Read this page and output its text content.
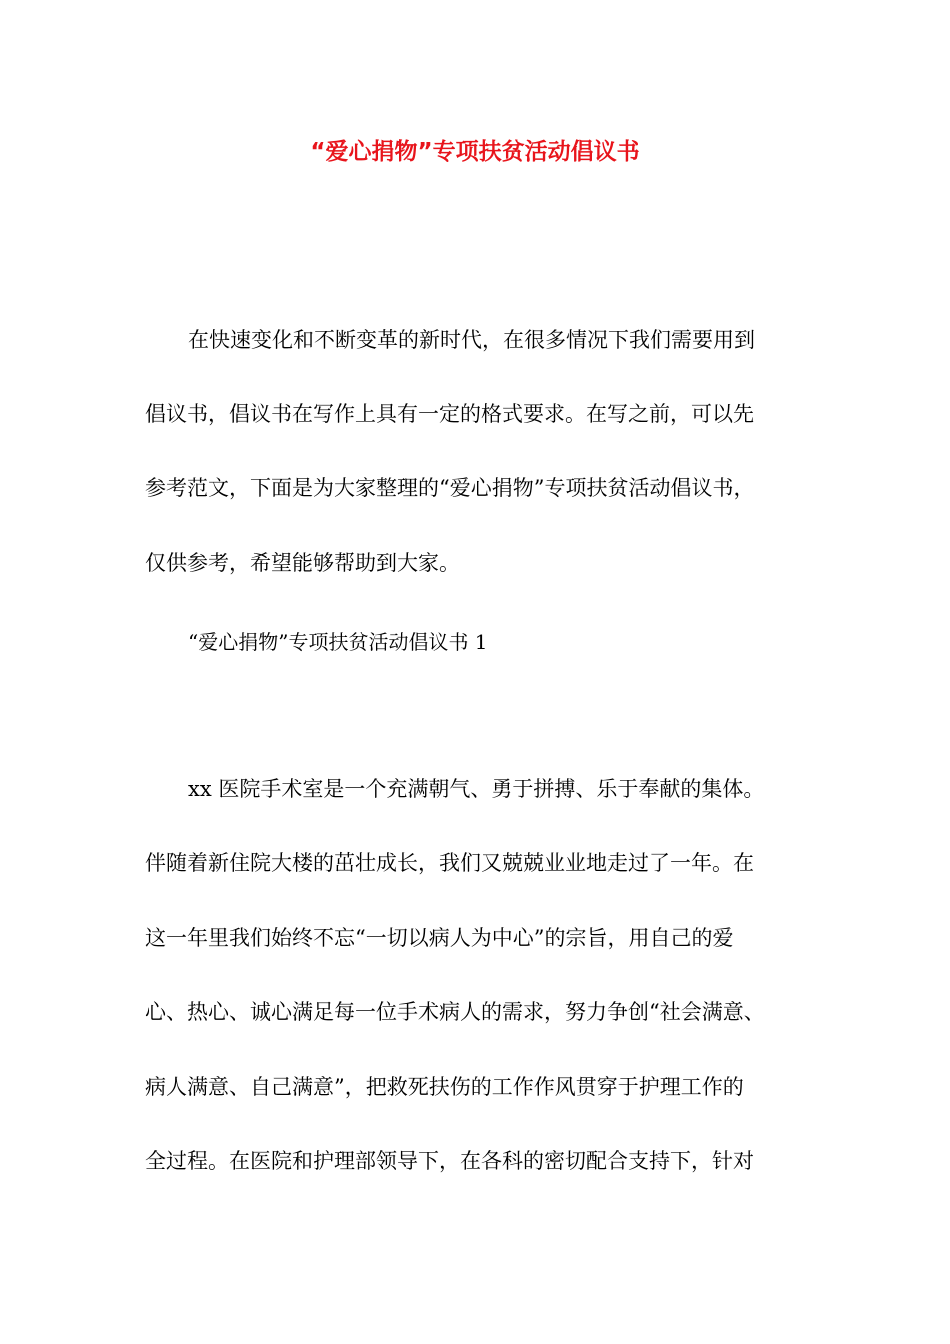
“爱心捐物”专项扶贫活动倡议书

在快速变化和不断变革的新时代，在很多情况下我们需要用到

倡议书，倡议书在写作上具有一定的格式要求。在写之前，可以先

参考范文，下面是为大家整理的“爱心捐物”专项扶贫活动倡议书，

仅供参考，希望能够帮助到大家。

“爱心捐物”专项扶贫活动倡议书 1

xx 医院手术室是一个充满朝气、勇于拼搏、乐于奉献的集体。

伴随着新住院大楼的茁壮成长，我们又兢兢业业地走过了一年。在

这一年里我们始终不忘“一切以病人为中心”的宗旨，用自己的爱

心、热心、诚心满足每一位手术病人的需求，努力争创“社会满意、

病人满意、自己满意”，把救死扶伤的工作作风贯穿于护理工作的

全过程。在医院和护理部领导下，在各科的密切配合支持下，针对
